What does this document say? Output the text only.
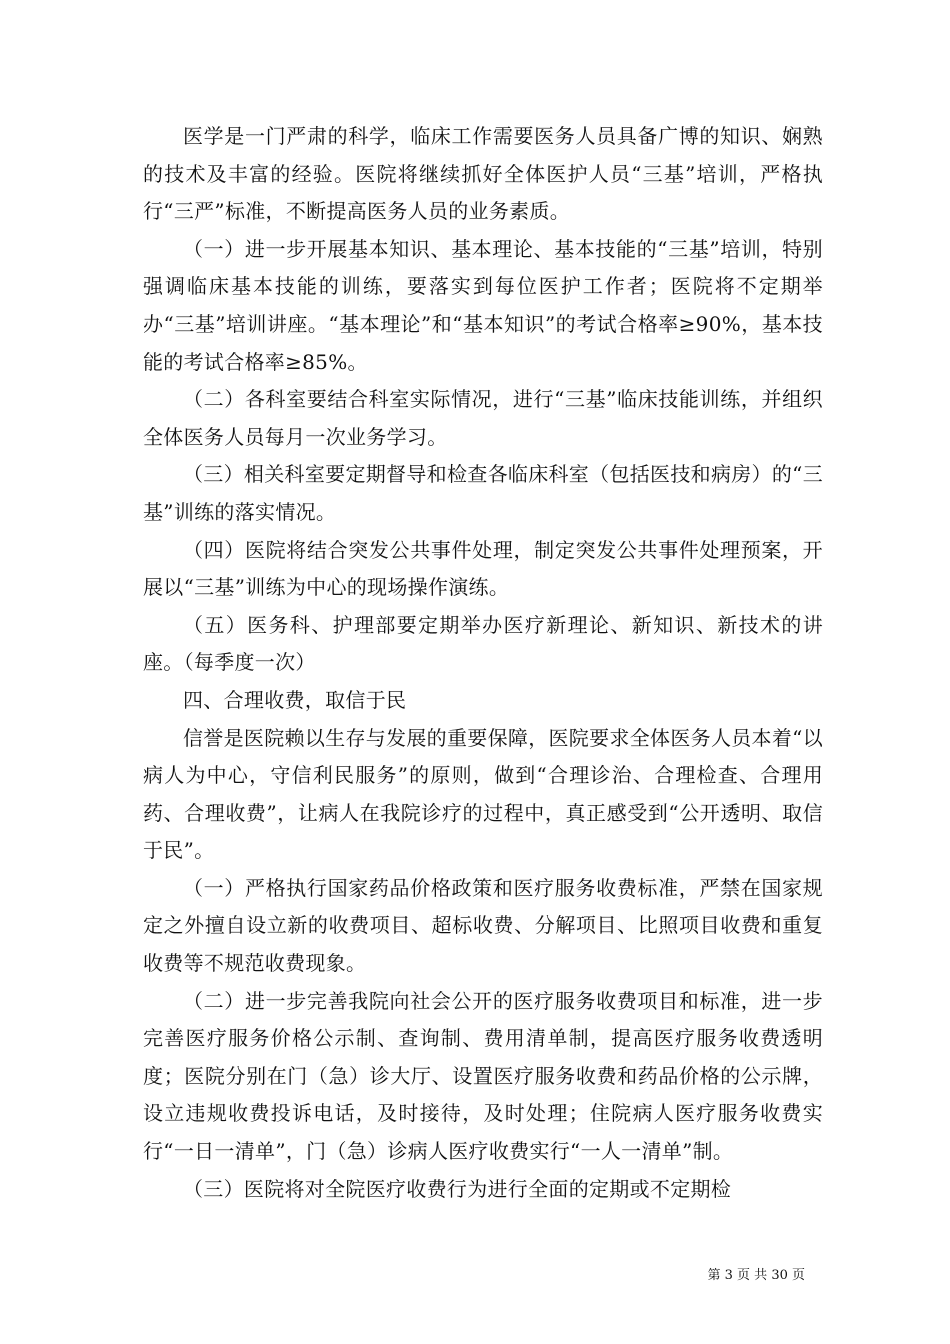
医学是一门严肃的科学，临床工作需要医务人员具备广博的知识、娴熟的技术及丰富的经验。医院将继续抓好全体医护人员“三基”培训，严格执行“三严”标准，不断提高医务人员的业务素质。

（一）进一步开展基本知识、基本理论、基本技能的“三基”培训，特别强调临床基本技能的训练，要落实到每位医护工作者；医院将不定期举办“三基”培训讲座。“基本理论”和“基本知识”的考试合格率≥90%，基本技能的考试合格率≥85%。

（二）各科室要结合科室实际情况，进行“三基”临床技能训练，并组织全体医务人员每月一次业务学习。

（三）相关科室要定期督导和检查各临床科室（包括医技和病房）的“三基”训练的落实情况。

（四）医院将结合突发公共事件处理，制定突发公共事件处理预案，开展以“三基”训练为中心的现场操作演练。

（五）医务科、护理部要定期举办医疗新理论、新知识、新技术的讲座。（每季度一次）

四、合理收费，取信于民

信誉是医院赖以生存与发展的重要保障，医院要求全体医务人员本着“以病人为中心，守信利民服务”的原则，做到“合理诊治、合理检查、合理用药、合理收费”，让病人在我院诊疗的过程中，真正感受到“公开透明、取信于民”。

（一）严格执行国家药品价格政策和医疗服务收费标准，严禁在国家规定之外擅自设立新的收费项目、超标收费、分解项目、比照项目收费和重复收费等不规范收费现象。

（二）进一步完善我院向社会公开的医疗服务收费项目和标准，进一步完善医疗服务价格公示制、查询制、费用清单制，提高医疗服务收费透明度；医院分别在门（急）诊大厅、设置医疗服务收费和药品价格的公示牌，设立违规收费投诉电话，及时接待，及时处理；住院病人医疗服务收费实行“一日一清单”，门（急）诊病人医疗收费实行“一人一清单”制。

（三）医院将对全院医疗收费行为进行全面的定期或不定期检

第 3 页 共 30 页
